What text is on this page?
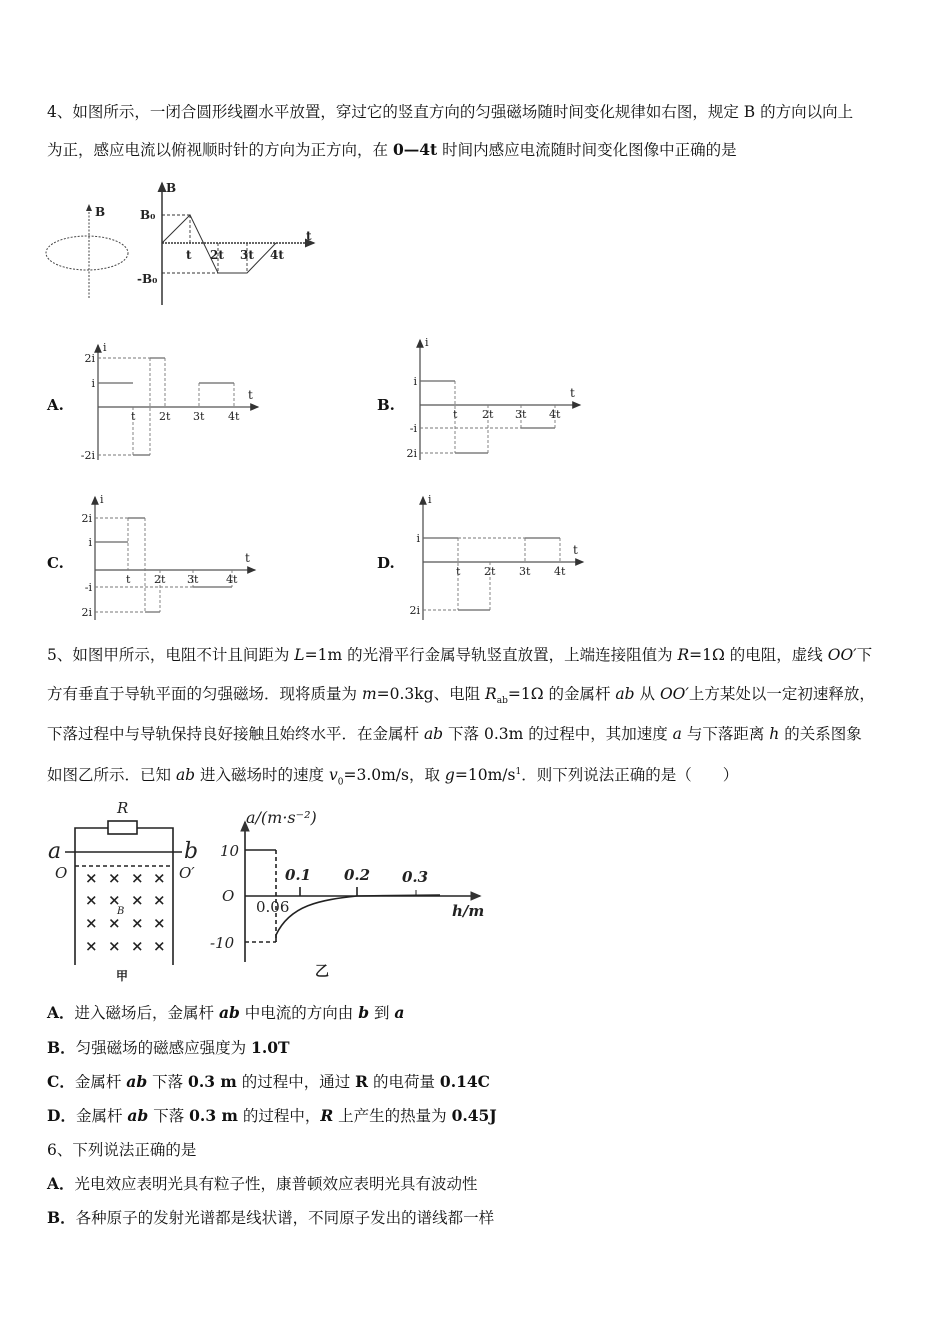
4、如图所示，一闭合圆形线圈水平放置，穿过它的竖直方向的匀强磁场随时间变化规律如右图，规定 B 的方向以向上
为正，感应电流以俯视顺时针的方向为正方向，在 0—4t 时间内感应电流随时间变化图像中正确的是
5、如图甲所示，电阻不计且间距为 L=1m 的光滑平行金属导轨竖直放置，上端连接阻值为 R=1Ω 的电阻，虚线 OO′下
方有垂直于导轨平面的匀强磁场．现将质量为 m=0.3kg、电阻 $R_{ab}=1\Omega$ 的金属杆 ab 从 OO′上方某处以一定初速释放，
下落过程中与导轨保持良好接触且始终水平．在金属杆 ab 下落 0.3m 的过程中，其加速度 a 与下落距离 h 的关系图象
如图乙所示．已知 ab 进入磁场时的速度 $v_0=3.0m/s$，取 $g=10m/s^1$．则下列说法正确的是（　　）
A．进入磁场后，金属杆 ab 中电流的方向由 b 到 a
B．匀强磁场的磁感应强度为 1.0T
C．金属杆 ab 下落 0.3 m 的过程中，通过 R 的电荷量 0.14C
D．金属杆 ab 下落 0.3 m 的过程中，R 上产生的热量为 0.45J
6、下列说法正确的是
A．光电效应表明光具有粒子性，康普顿效应表明光具有波动性
B．各种原子的发射光谱都是线状谱，不同原子发出的谱线都一样
A.	B.
C.	D.
B
B
t
B₀
-B₀
t 2t 3t 4t
i
t
t 2t 3t 4t
2i
i
-2i
i
t
t 2t 3t 4t
i
-i
2i
i
t
t 2t 3t	4t
2i
i
-i
2i
i
t
t 2t 3t 4t
i
2i
×
×
×
×
×
×
×
×
×
×
×
×
×
×
×
×
R
a	b
O	O′
B
甲
a/(m·s⁻²)
h/m
O
10
-10
0.06
0.1 0.2 0.3
乙
